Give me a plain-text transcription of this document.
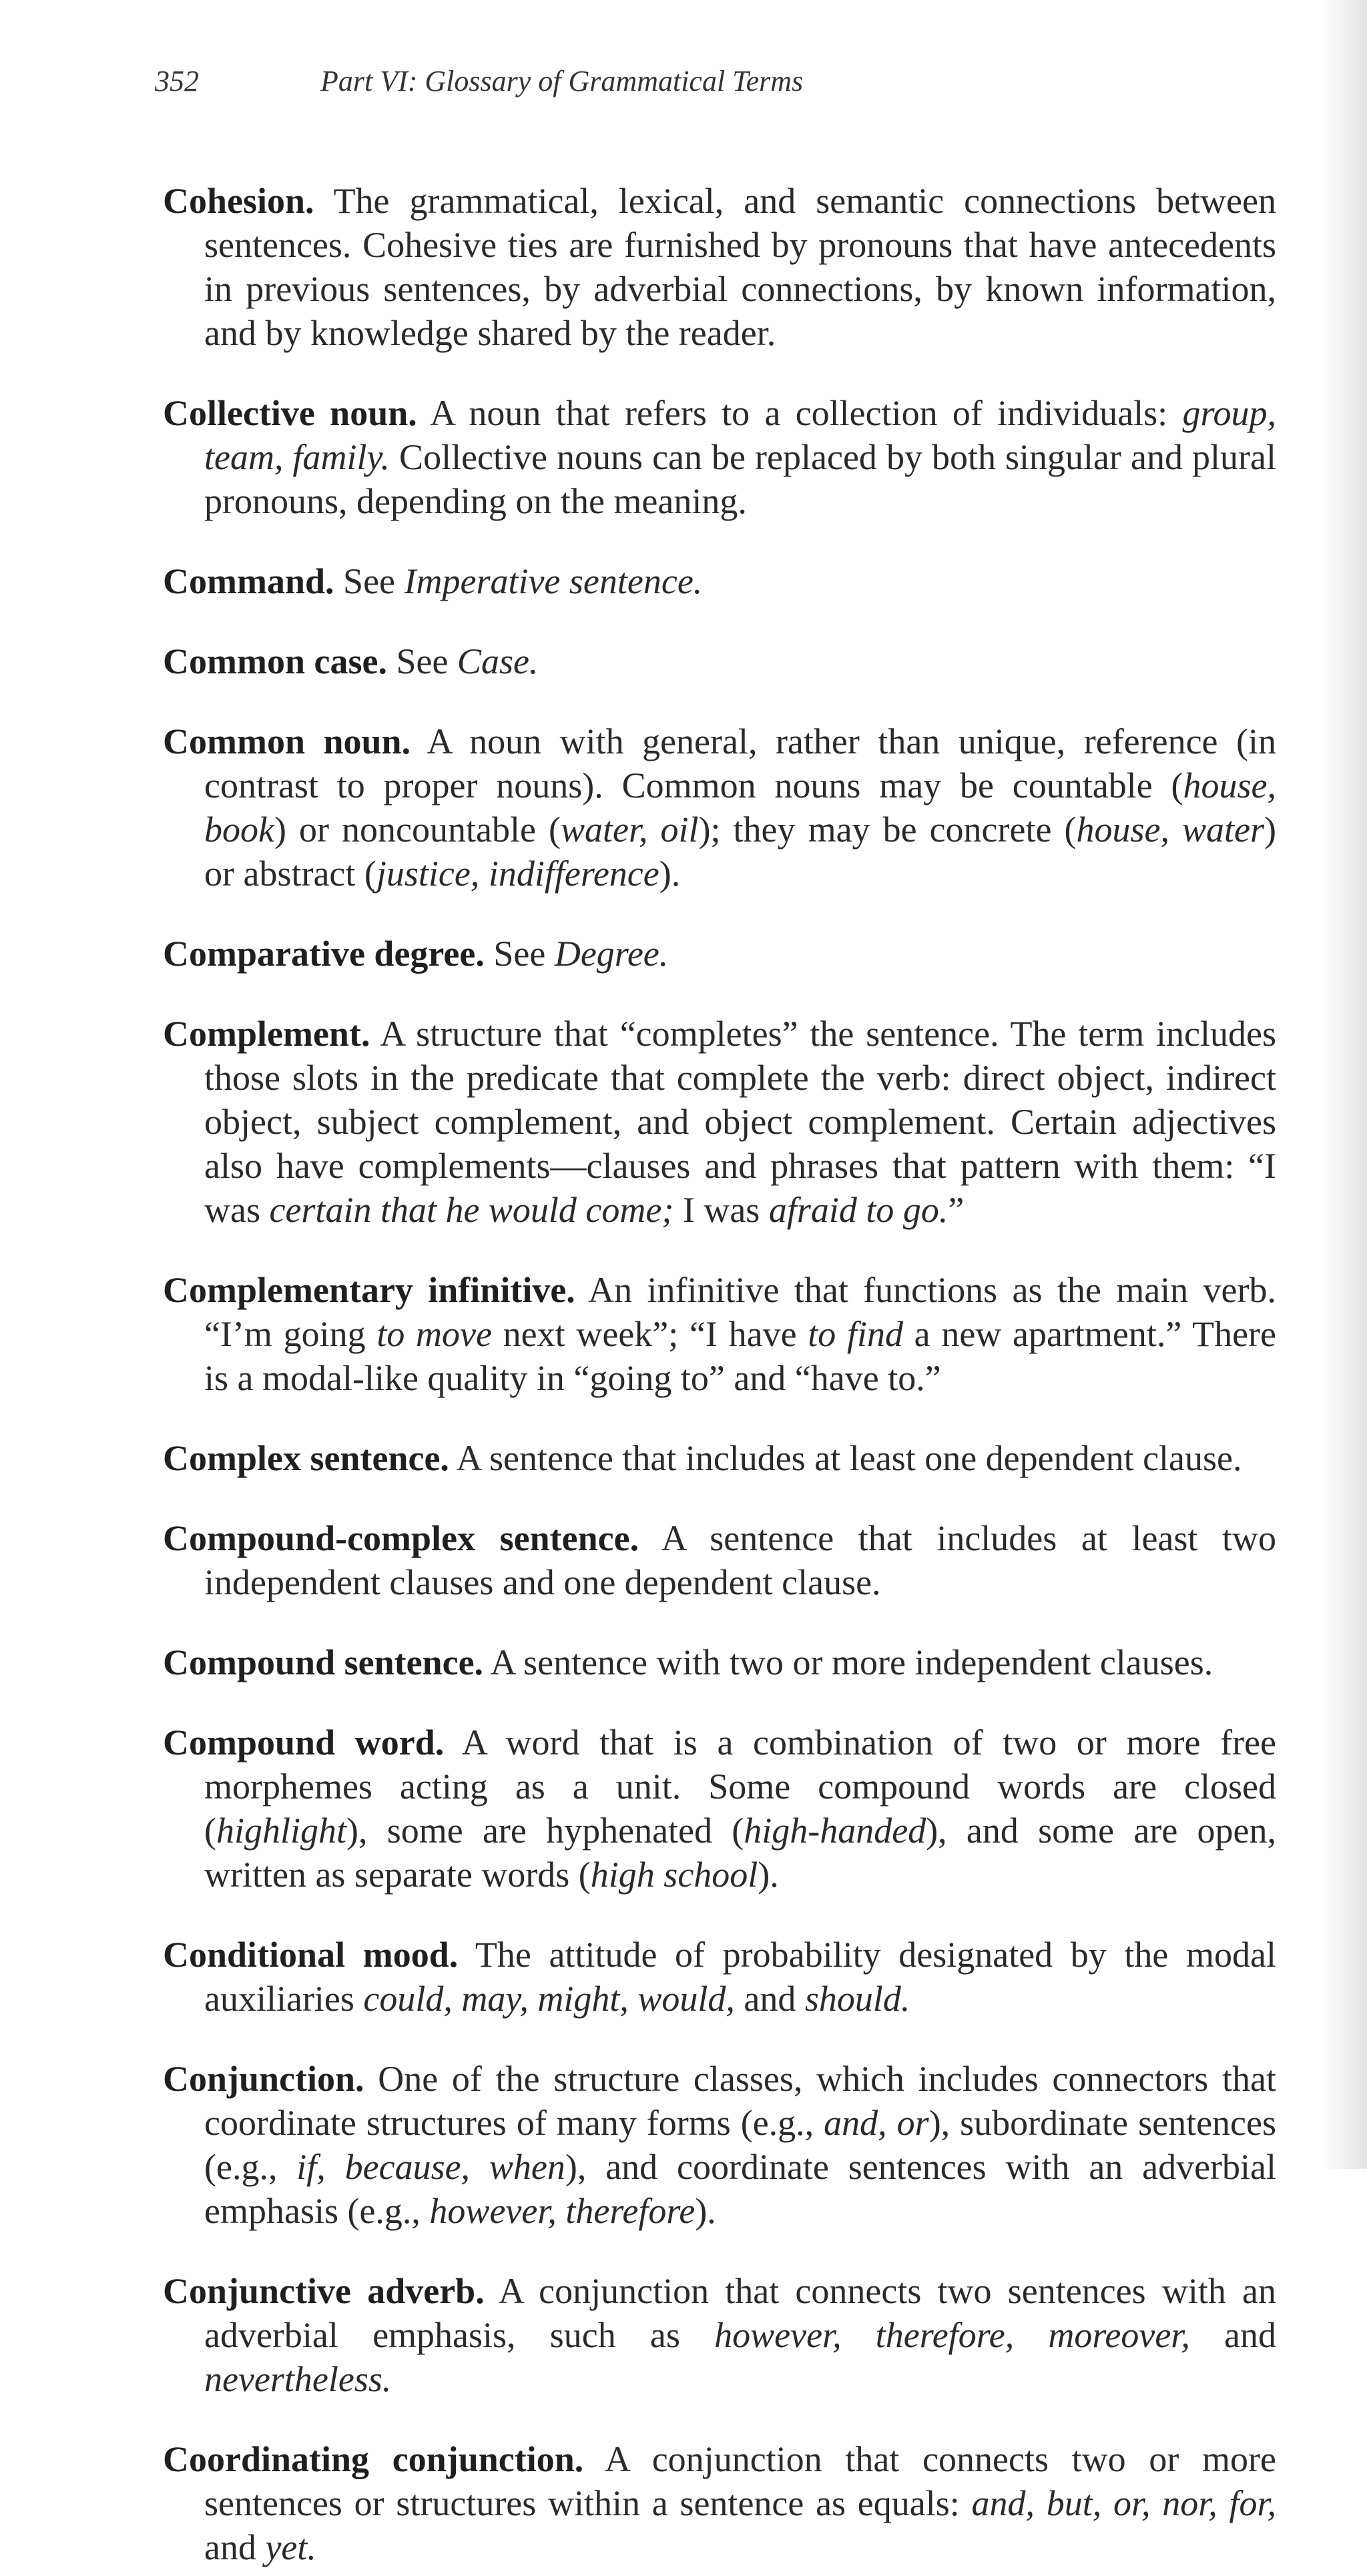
352	Part VI: Glossary of Grammatical Terms

Cohesion. The grammatical, lexical, and semantic connections between sentences. Cohesive ties are furnished by pronouns that have antecedents in previous sentences, by adverbial connections, by known information, and by knowledge shared by the reader.

Collective noun. A noun that refers to a collection of individuals: group, team, family. Collective nouns can be replaced by both singular and plural pronouns, depending on the meaning.

Command. See Imperative sentence.

Common case. See Case.

Common noun. A noun with general, rather than unique, reference (in contrast to proper nouns). Common nouns may be countable (house, book) or noncountable (water, oil); they may be concrete (house, water) or abstract (justice, indifference).

Comparative degree. See Degree.

Complement. A structure that “completes” the sentence. The term includes those slots in the predicate that complete the verb: direct object, indirect object, subject complement, and object complement. Certain adjectives also have complements—clauses and phrases that pattern with them: “I was certain that he would come; I was afraid to go.”

Complementary infinitive. An infinitive that functions as the main verb. “I’m going to move next week”; “I have to find a new apartment.” There is a modal-like quality in “going to” and “have to.”

Complex sentence. A sentence that includes at least one dependent clause.

Compound-complex sentence. A sentence that includes at least two independent clauses and one dependent clause.

Compound sentence. A sentence with two or more independent clauses.

Compound word. A word that is a combination of two or more free morphemes acting as a unit. Some compound words are closed (highlight), some are hyphenated (high-handed), and some are open, written as separate words (high school).

Conditional mood. The attitude of probability designated by the modal auxiliaries could, may, might, would, and should.

Conjunction. One of the structure classes, which includes connectors that coordinate structures of many forms (e.g., and, or), subordinate sentences (e.g., if, because, when), and coordinate sentences with an adverbial emphasis (e.g., however, therefore).

Conjunctive adverb. A conjunction that connects two sentences with an adverbial emphasis, such as however, therefore, moreover, and nevertheless.

Coordinating conjunction. A conjunction that connects two or more sentences or structures within a sentence as equals: and, but, or, nor, for, and yet.
